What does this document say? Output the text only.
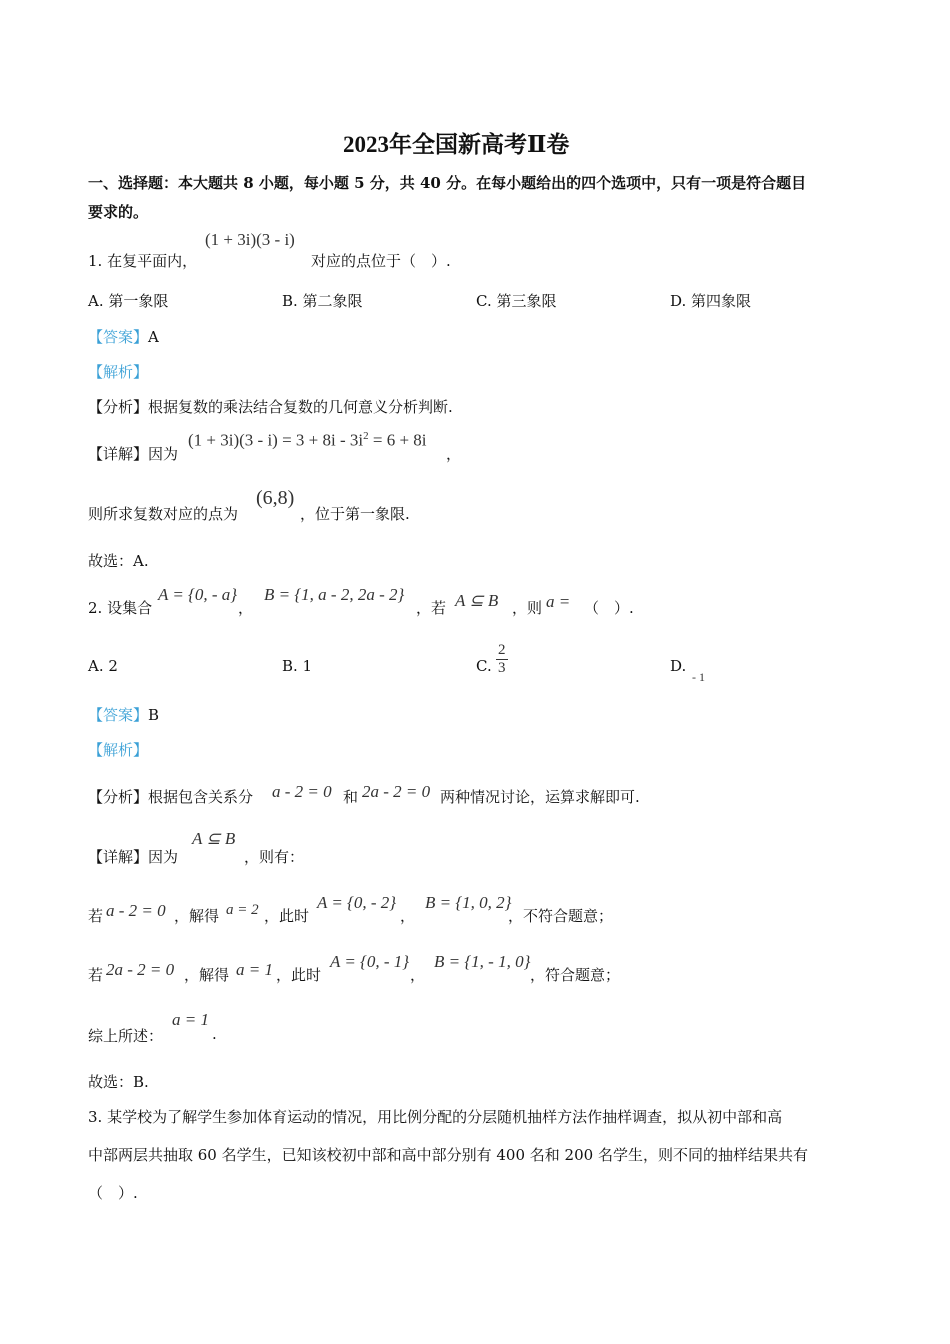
2023年全国新高考Ⅱ卷
一、选择题：本大题共 8 小题，每小题 5 分，共 40 分。在每小题给出的四个选项中，只有一项是符合题目
要求的。
1. 在复平面内，
(1 + 3i)(3 - i)
对应的点位于（　）.
A. 第一象限	B. 第二象限	C. 第三象限	D. 第四象限
【答案】A
【解析】
【分析】根据复数的乘法结合复数的几何意义分析判断.
【详解】因为
$(1 + 3i)(3 - i) = 3 + 8i - 3i^2 = 6 + 8i$
，
则所求复数对应的点为
(6,8)
，位于第一象限.
故选：A.
2. 设集合
A = {0, - a}
，
B = {1, a - 2, 2a - 2}
，若 A ⊆ B ，则 a = （　）.
A. 2	B. 1	C. $\frac{2}{3}$	D.
- 1
【答案】B
【解析】
【分析】根据包含关系分 a - 2 = 0 和 2a - 2 = 0 两种情况讨论，运算求解即可.
【详解】因为
A ⊆ B
，则有：
若 a - 2 = 0 ，解得 a = 2 ，此时
A = {0, - 2}
，
B = {1, 0, 2}
，不符合题意；
若 2a - 2 = 0 ，解得 a = 1 ，此时
A = {0, - 1}
，
B = {1, - 1, 0}
，符合题意；
综上所述：
a = 1
.
故选：B.
3. 某学校为了解学生参加体育运动的情况，用比例分配的分层随机抽样方法作抽样调查，拟从初中部和高
中部两层共抽取 60 名学生，已知该校初中部和高中部分别有 400 名和 200 名学生，则不同的抽样结果共有
（　）.
